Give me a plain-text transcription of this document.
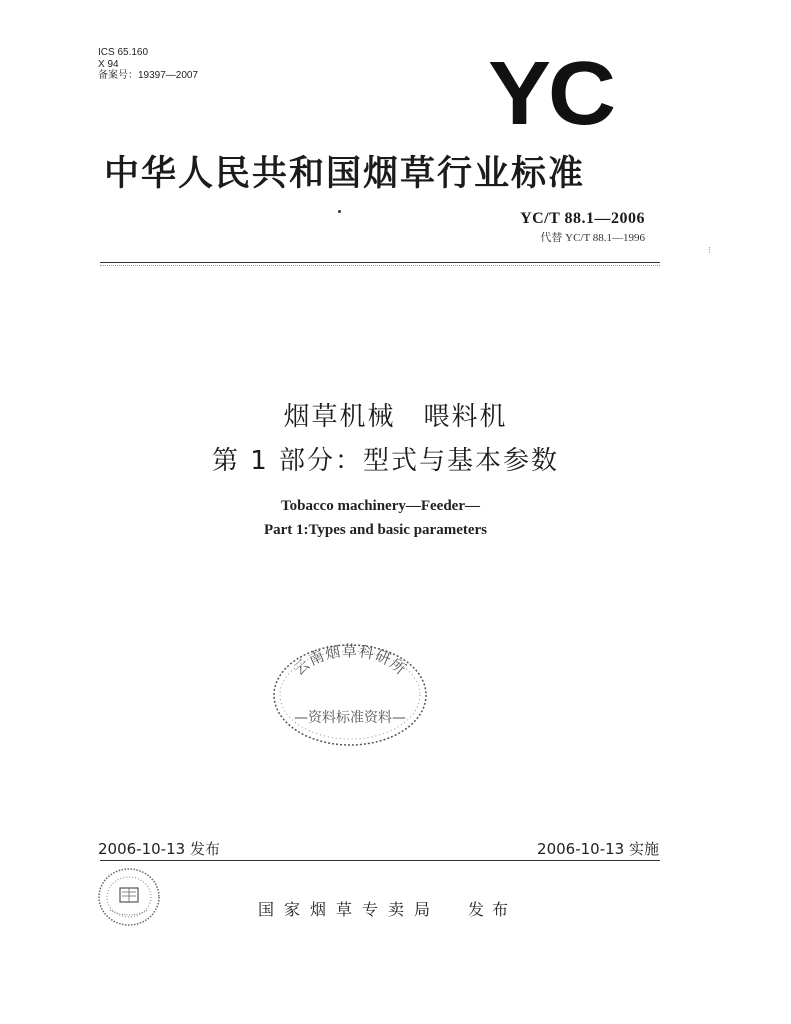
ICS 65.160
X 94
备案号：19397—2007	YC
中华人民共和国烟草行业标准
YC/T 88.1—2006
代替 YC/T 88.1—1996
⁝
烟草机械　喂料机
第 1 部分：型式与基本参数
Tobacco machinery—Feeder—
Part 1:Types and basic parameters
云南烟草科研所
—资料标准资料—
2006-10-13 发布	2006-10-13 实施
国家烟草专卖局 发布
